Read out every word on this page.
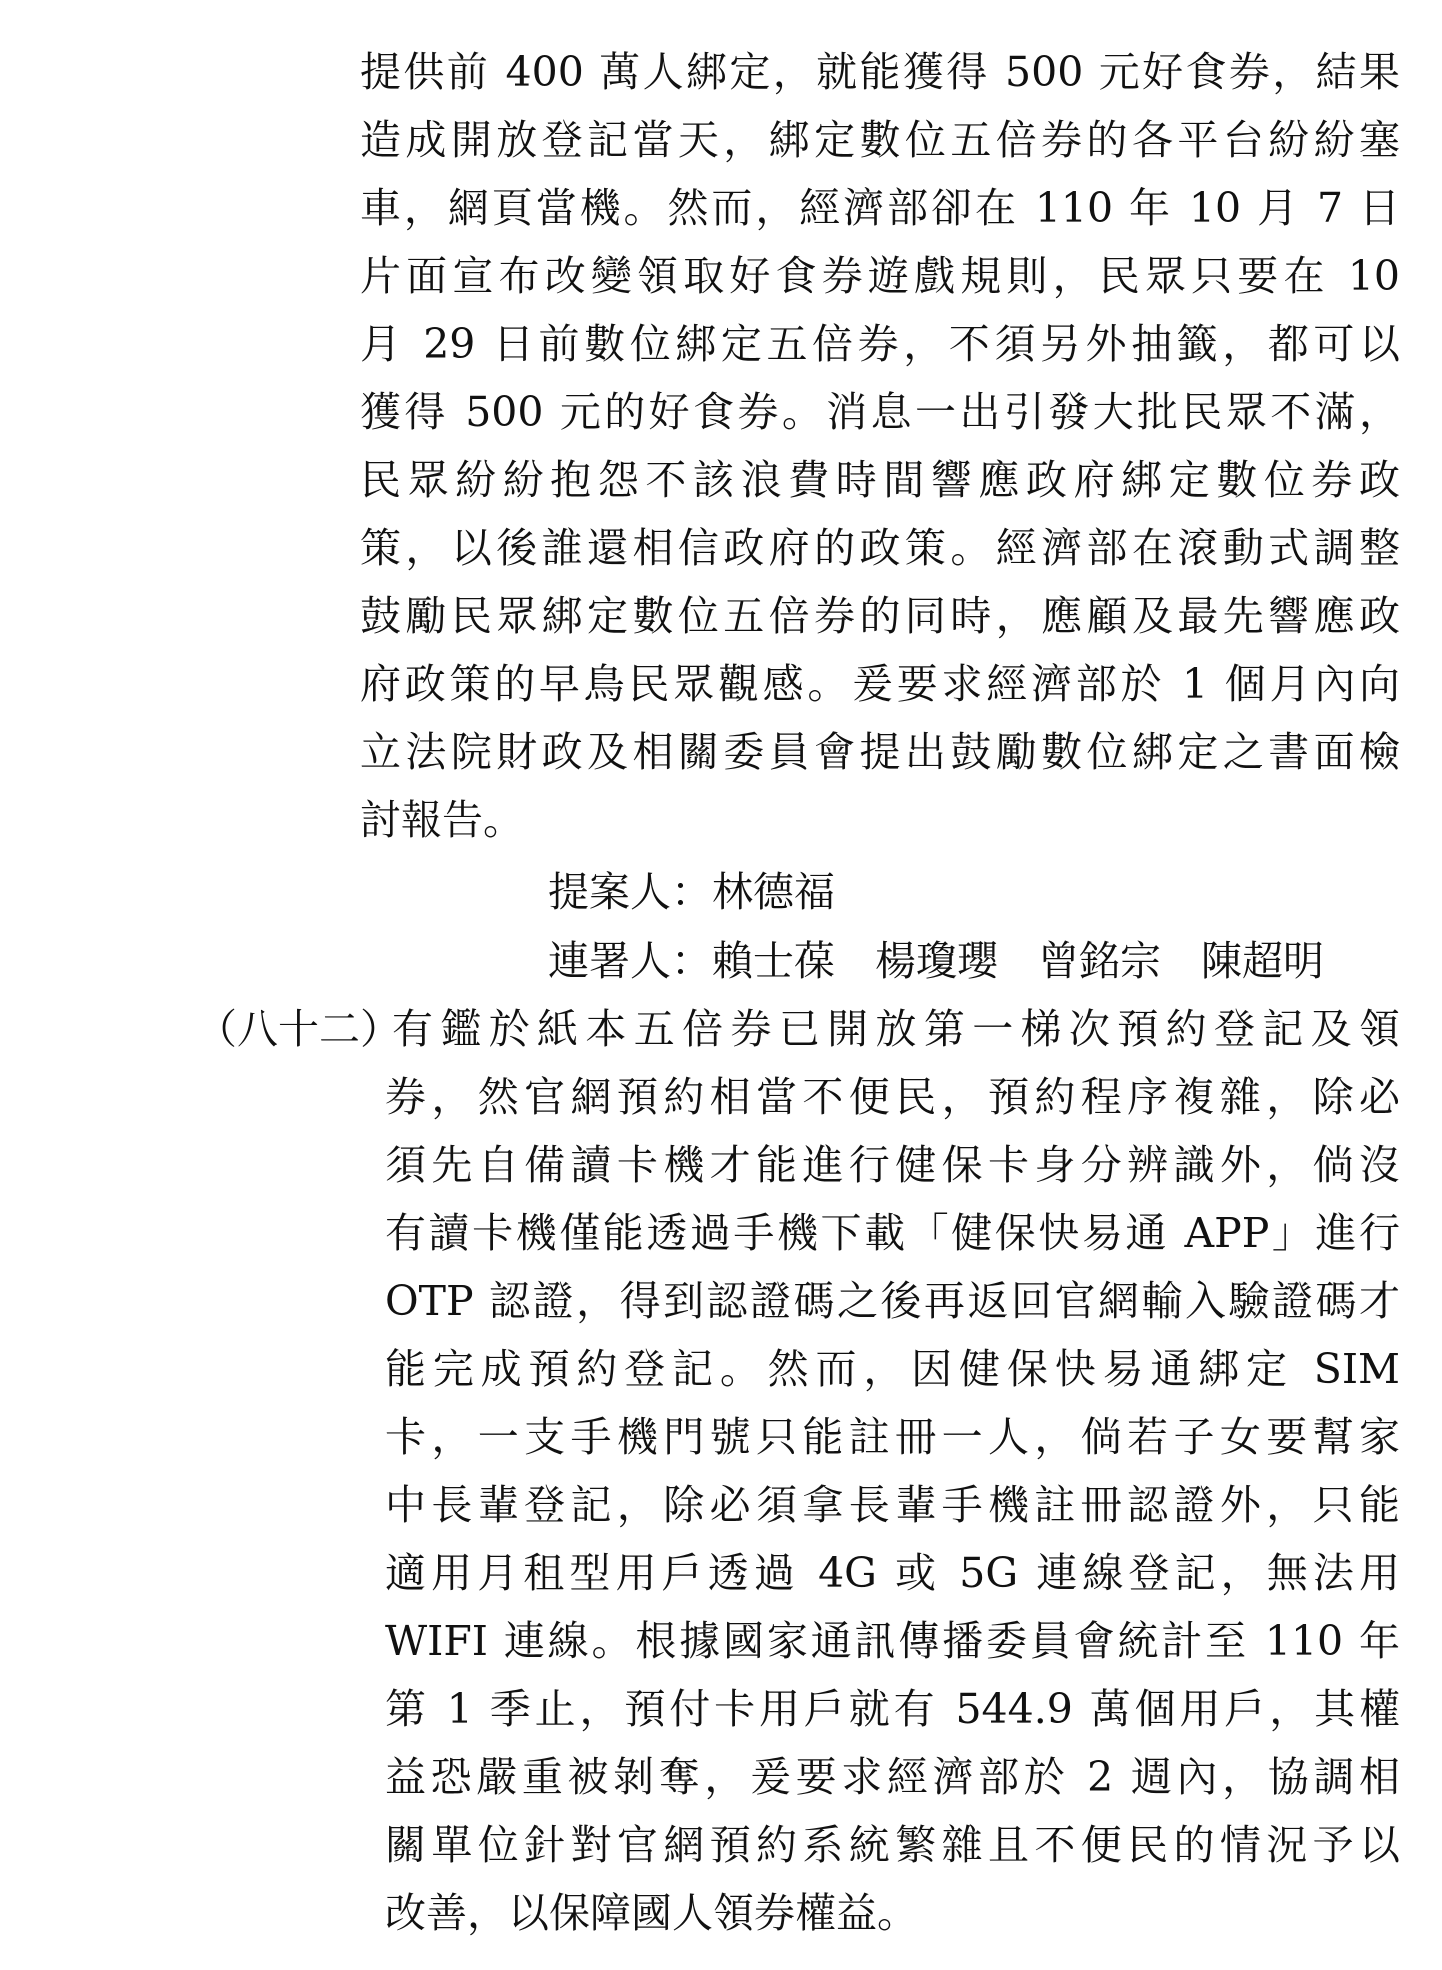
提供前 400 萬人綁定，就能獲得 500 元好食券，結果

造成開放登記當天，綁定數位五倍券的各平台紛紛塞

車，網頁當機。然而，經濟部卻在 110 年 10 月 7 日

片面宣布改變領取好食券遊戲規則，民眾只要在 10

月 29 日前數位綁定五倍券，不須另外抽籤，都可以

獲得 500 元的好食券。消息一出引發大批民眾不滿，

民眾紛紛抱怨不該浪費時間響應政府綁定數位券政

策，以後誰還相信政府的政策。經濟部在滾動式調整

鼓勵民眾綁定數位五倍券的同時，應顧及最先響應政

府政策的早鳥民眾觀感。爰要求經濟部於 1 個月內向

立法院財政及相關委員會提出鼓勵數位綁定之書面檢

討報告。

提案人：林德福
連署人：賴士葆 楊瓊瓔 曾銘宗 陳超明
（八十二）

有鑑於紙本五倍券已開放第一梯次預約登記及領

券，然官網預約相當不便民，預約程序複雜，除必

須先自備讀卡機才能進行健保卡身分辨識外，倘沒

有讀卡機僅能透過手機下載「健保快易通 APP」進行

OTP 認證，得到認證碼之後再返回官網輸入驗證碼才

能完成預約登記。然而，因健保快易通綁定 SIM

卡，一支手機門號只能註冊一人，倘若子女要幫家

中長輩登記，除必須拿長輩手機註冊認證外，只能

適用月租型用戶透過 4G 或 5G 連線登記，無法用

WIFI 連線。根據國家通訊傳播委員會統計至 110 年

第 1 季止，預付卡用戶就有 544.9 萬個用戶，其權

益恐嚴重被剝奪，爰要求經濟部於 2 週內，協調相

關單位針對官網預約系統繁雜且不便民的情況予以

改善，以保障國人領券權益。
